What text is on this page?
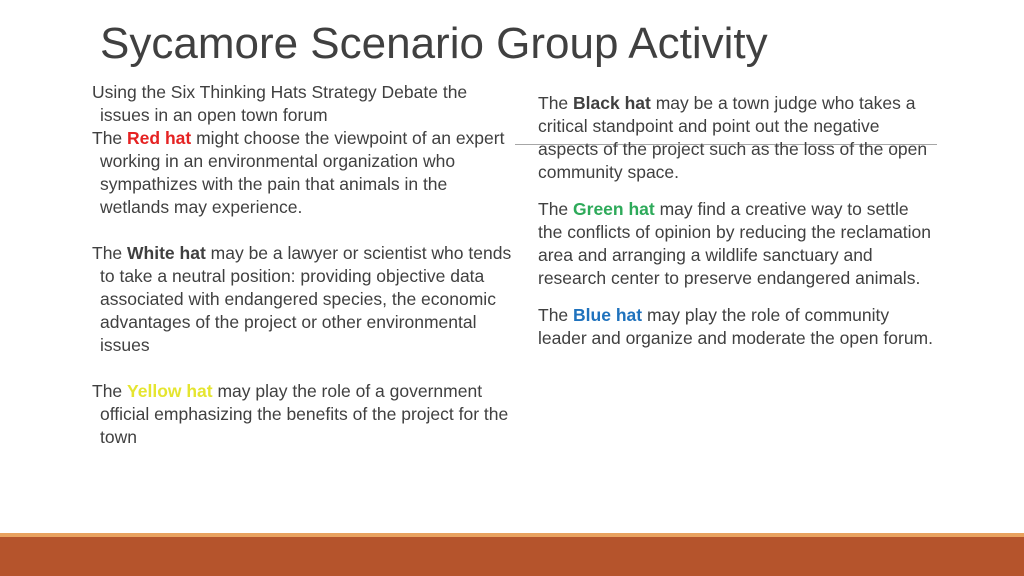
Sycamore Scenario Group Activity

Using the Six Thinking Hats Strategy Debate the issues in an open town forum

The Red hat might choose the viewpoint of an expert working in an environmental organization who sympathizes with the pain that animals in the wetlands may experience.

The White hat may be a lawyer or scientist who tends to take a neutral position: providing objective data associated with endangered species, the economic advantages of the project or other environmental issues

The Yellow hat may play the role of a government official emphasizing the benefits of the project for the town

The Black hat may be a town judge who takes a critical standpoint and point out the negative aspects of the project such as the loss of the open community space.

The Green hat may find a creative way to settle the conflicts of opinion by reducing the reclamation area and arranging a wildlife sanctuary and research center to preserve endangered animals.

The Blue hat may play the role of community leader and organize and moderate the open forum.
